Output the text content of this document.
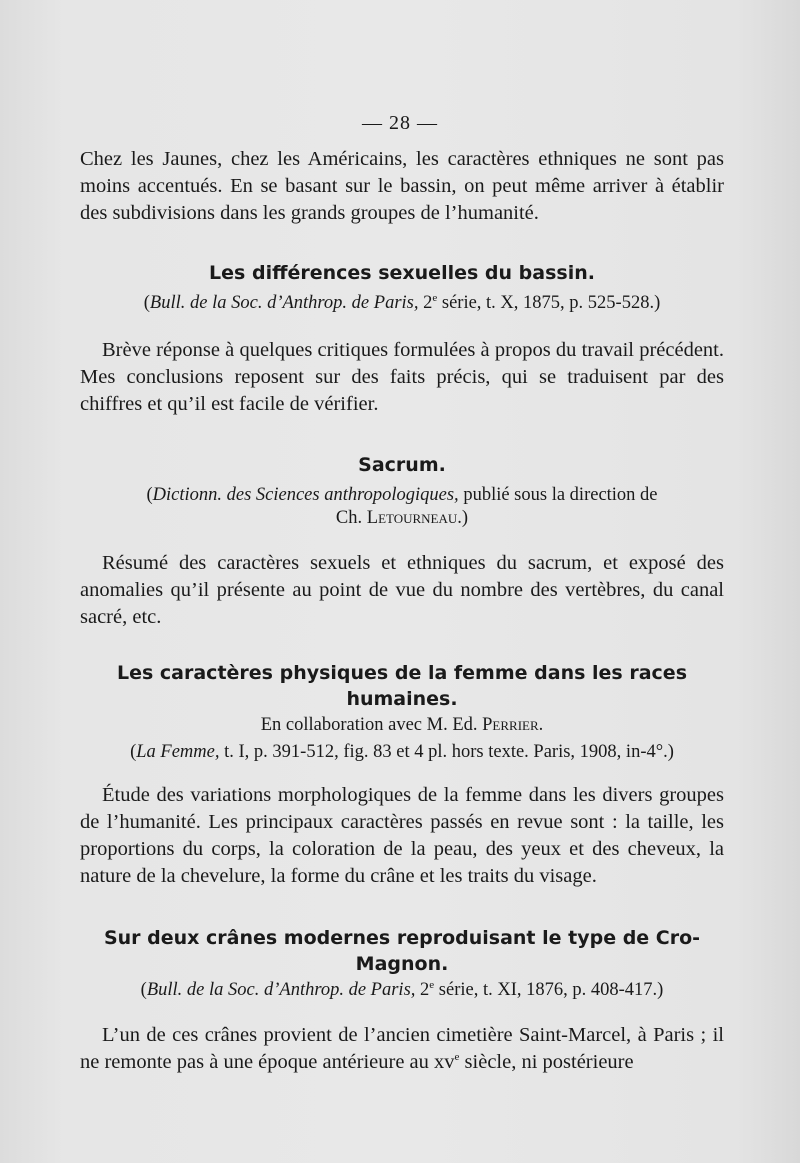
— 28 —

Chez les Jaunes, chez les Américains, les caractères ethniques ne sont pas moins accentués. En se basant sur le bassin, on peut même arriver à établir des subdivisions dans les grands groupes de l’humanité.

Les différences sexuelles du bassin.

(Bull. de la Soc. d’Anthrop. de Paris, 2e série, t. X, 1875, p. 525-528.)

Brève réponse à quelques critiques formulées à propos du travail précédent. Mes conclusions reposent sur des faits précis, qui se traduisent par des chiffres et qu’il est facile de vérifier.

Sacrum.

(Dictionn. des Sciences anthropologiques, publié sous la direction de
Ch. Letourneau.)

Résumé des caractères sexuels et ethniques du sacrum, et exposé des anomalies qu’il présente au point de vue du nombre des vertèbres, du canal sacré, etc.

Les caractères physiques de la femme dans les races humaines.

En collaboration avec M. Ed. Perrier.

(La Femme, t. I, p. 391-512, fig. 83 et 4 pl. hors texte. Paris, 1908, in-4°.)

Étude des variations morphologiques de la femme dans les divers groupes de l’humanité. Les principaux caractères passés en revue sont : la taille, les proportions du corps, la coloration de la peau, des yeux et des cheveux, la nature de la chevelure, la forme du crâne et les traits du visage.

Sur deux crânes modernes reproduisant le type de Cro-Magnon.

(Bull. de la Soc. d’Anthrop. de Paris, 2e série, t. XI, 1876, p. 408-417.)

L’un de ces crânes provient de l’ancien cimetière Saint-Marcel, à Paris ; il ne remonte pas à une époque antérieure au $xv^e$ siècle, ni postérieure
